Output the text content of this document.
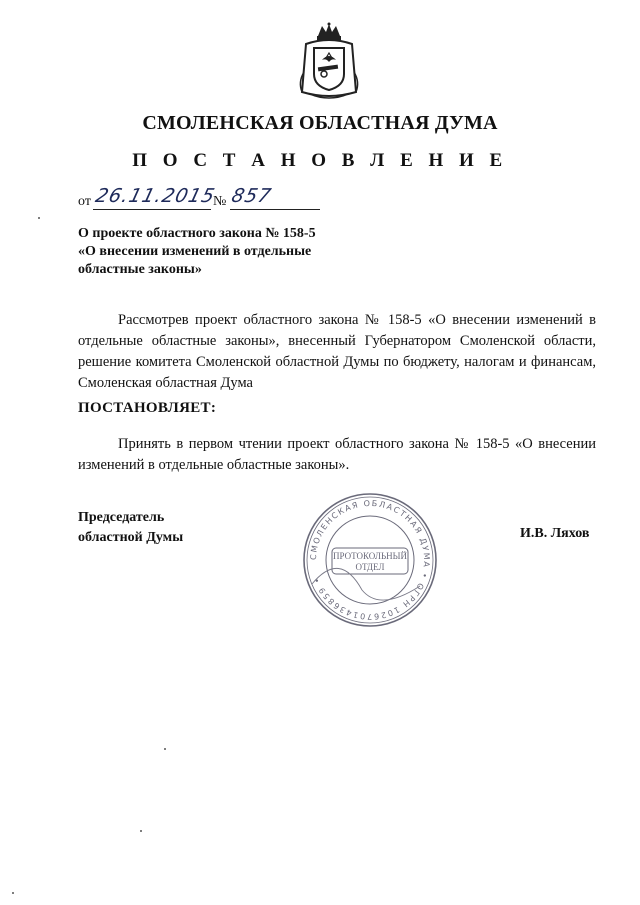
СМОЛЕНСКАЯ ОБЛАСТНАЯ ДУМА
П О С Т А Н О В Л Е Н И Е
от 26.11.2015
№ 857
О проекте областного закона № 158-5
«О внесении изменений в отдельные
областные законы»

Рассмотрев проект областного закона № 158-5 «О внесении изменений в отдельные областные законы», внесенный Губернатором Смоленской области, решение комитета Смоленской областной Думы по бюджету, налогам и финансам, Смоленская областная Дума

ПОСТАНОВЛЯЕТ:

Принять в первом чтении проект областного закона № 158-5 «О внесении изменений в отдельные областные законы».

Председатель
областной Думы
СМОЛЕНСКАЯ ОБЛАСТНАЯ ДУМА • ОГРН 1026701436859 •
ПРОТОКОЛЬНЫЙ
ОТДЕЛ
И.В. Ляхов
